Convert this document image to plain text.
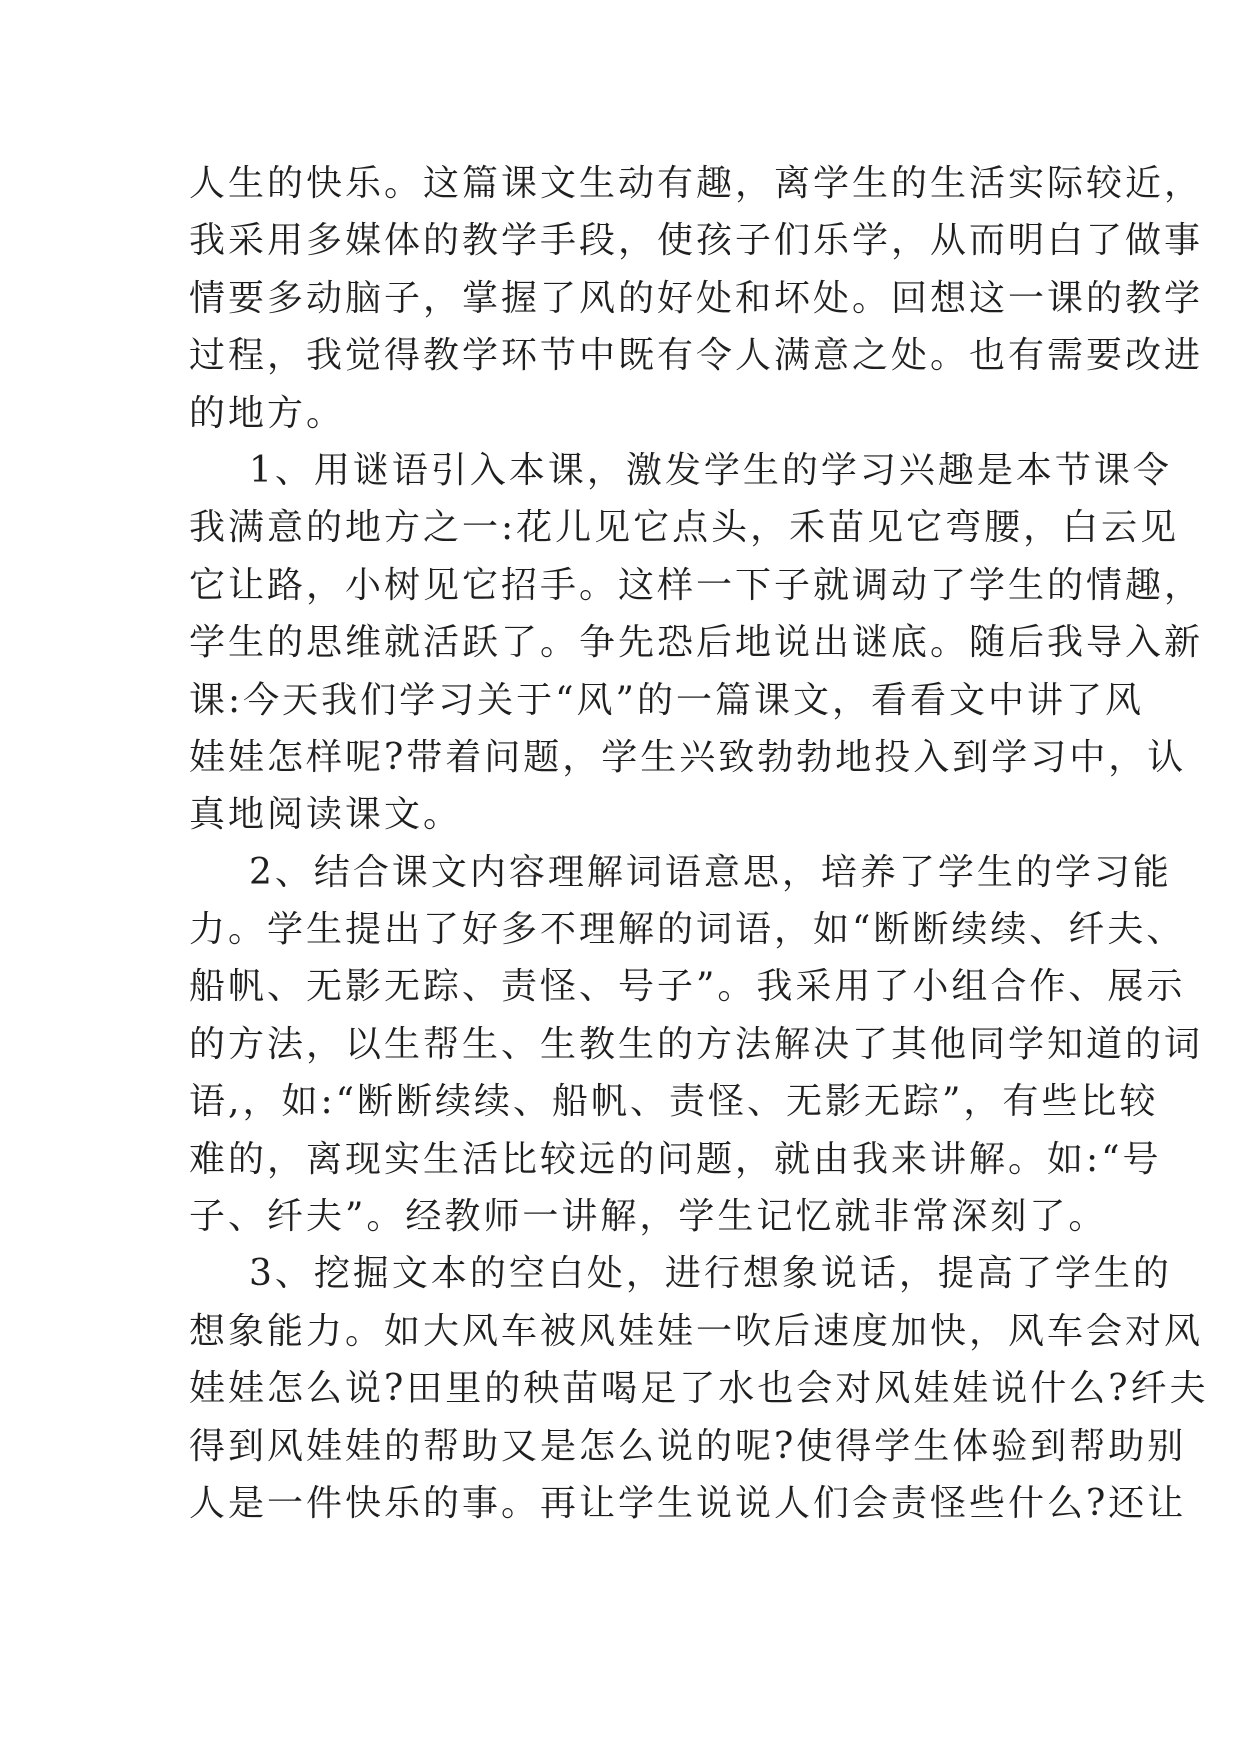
人生的快乐。这篇课文生动有趣，离学生的生活实际较近，
我采用多媒体的教学手段，使孩子们乐学，从而明白了做事
情要多动脑子，掌握了风的好处和坏处。回想这一课的教学
过程，我觉得教学环节中既有令人满意之处。也有需要改进
的地方。
1、用谜语引入本课，激发学生的学习兴趣是本节课令
我满意的地方之一:花儿见它点头，禾苗见它弯腰，白云见
它让路，小树见它招手。这样一下子就调动了学生的情趣，
学生的思维就活跃了。争先恐后地说出谜底。随后我导入新
课:今天我们学习关于“风”的一篇课文，看看文中讲了风
娃娃怎样呢?带着问题，学生兴致勃勃地投入到学习中，认
真地阅读课文。
2、结合课文内容理解词语意思，培养了学生的学习能
力。学生提出了好多不理解的词语，如“断断续续、纤夫、
船帆、无影无踪、责怪、号子”。我采用了小组合作、展示
的方法，以生帮生、生教生的方法解决了其他同学知道的词
语,，如:“断断续续、船帆、责怪、无影无踪”，有些比较
难的，离现实生活比较远的问题，就由我来讲解。如:“号
子、纤夫”。经教师一讲解，学生记忆就非常深刻了。
3、挖掘文本的空白处，进行想象说话，提高了学生的
想象能力。如大风车被风娃娃一吹后速度加快，风车会对风
娃娃怎么说?田里的秧苗喝足了水也会对风娃娃说什么?纤夫
得到风娃娃的帮助又是怎么说的呢?使得学生体验到帮助别
人是一件快乐的事。再让学生说说人们会责怪些什么?还让
